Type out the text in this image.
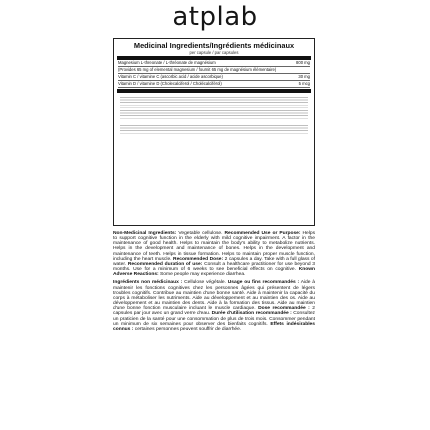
atplab
Medicinal Ingredients/Ingrédients médicinaux
per capsule / par capsules
Magnesium L-threonate / L-thréonate de magnésium	800 mg
(Provides 65 mg of elemental magnesium / fournit 65 mg de magnésium élémentaire)
Vitamin C / vitamine C (ascorbic acid / acide ascorbique)	30 mg
Vitamin D / vitamine D (Cholecalciferol / Cholécalciférol)	5 mcg

Non-Medicinal Ingredients: Vegetable cellulose. Recommended Use or Purpose: Helps to support cognitive function in the elderly with mild cognitive impairment. A factor in the maintenance of good health. Helps to maintain the body's ability to metabolize nutrients. Helps in the development and maintenance of bones. Helps in the development and maintenance of teeth. Helps in tissue formation. Helps to maintain proper muscle function, including the heart muscle. Recommended Dose: 2 capsules a day. Take with a full glass of water. Recommended duration of use: Consult a healthcare practitioner for use beyond 3 months. Use for a minimum of 6 weeks to see beneficial effects on cognitive. Known Adverse Reactions: Some people may experience diarrhea.

Ingrédients non médicinaux : Cellulose végétale. Usage ou fins recommandés : Aide à maintenir les fonctions cognitives chez les personnes âgées qui présentent de légers troubles cognitifs. Contribue au maintien d'une bonne santé. Aide à maintenir la capacité du corps à métaboliser les nutriments. Aide au développement et au maintien des os. Aide au développement et au maintien des dents. Aide à la formation des tissus. Aide au maintien d'une bonne fonction musculaire incluant le muscle cardiaque. Dose recommandée : 2 capsules par jour avec un grand verre d'eau. Durée d'utilisation recommandée : Consultez un praticien de la santé pour une consommation de plus de trois mois. Consommer pendant un minimum de six semaines pour observer des bienfaits cognitifs. Effets indésirables connus : certaines personnes peuvent souffrir de diarrhée.
